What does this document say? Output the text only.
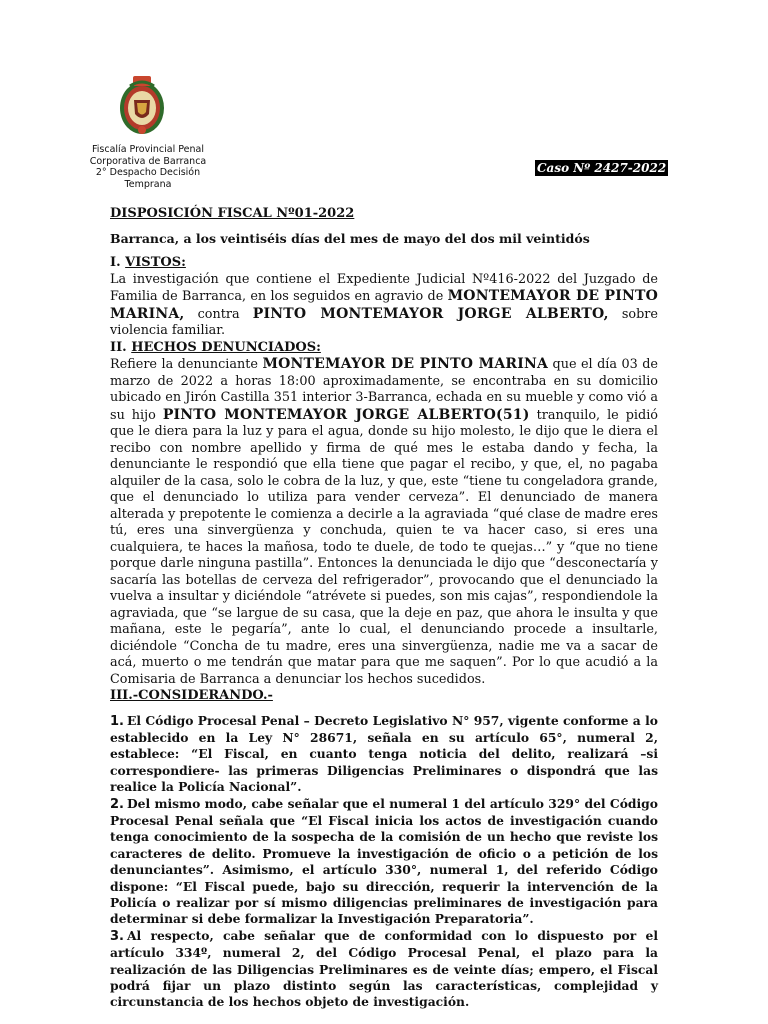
Fiscalía Provincial Penal
Corporativa de Barranca
2° Despacho Decisión
Temprana
Caso Nº 2427-2022

DISPOSICIÓN FISCAL Nº01-2022

Barranca, a los veintiséis días del mes de mayo del dos mil veintidós

I. VISTOS:

La investigación que contiene el Expediente Judicial Nº416-2022 del Juzgado de Familia de Barranca, en los seguidos en agravio de MONTEMAYOR DE PINTO MARINA, contra PINTO MONTEMAYOR JORGE ALBERTO, sobre violencia familiar.

II. HECHOS DENUNCIADOS:

Refiere la denunciante MONTEMAYOR DE PINTO MARINA que el día 03 de marzo de 2022 a horas 18:00 aproximadamente, se encontraba en su domicilio ubicado en Jirón Castilla 351 interior 3-Barranca, echada en su mueble y como vió a su hijo PINTO MONTEMAYOR JORGE ALBERTO(51) tranquilo, le pidió que le diera para la luz y para el agua, donde su hijo molesto, le dijo que le diera el recibo con nombre apellido y firma de qué mes le estaba dando y fecha, la denunciante le respondió que ella tiene que pagar el recibo, y que, el, no pagaba alquiler de la casa, solo le cobra de la luz, y que, este “tiene tu congeladora grande, que el denunciado lo utiliza para vender cerveza”. El denunciado de manera alterada y prepotente le comienza a decirle a la agraviada “qué clase de madre eres tú, eres una sinvergüenza y conchuda, quien te va hacer caso, si eres una cualquiera, te haces la mañosa, todo te duele, de todo te quejas…” y “que no tiene porque darle ninguna pastilla”. Entonces la denunciada le dijo que “desconectaría y sacaría las botellas de cerveza del refrigerador”, provocando que el denunciado la vuelva a insultar y diciéndole “atrévete si puedes, son mis cajas”, respondiendole la agraviada, que “se largue de su casa, que la deje en paz, que ahora le insulta y que mañana, este le pegaría”, ante lo cual, el denunciando procede a insultarle, diciéndole “Concha de tu madre, eres una sinvergüenza, nadie me va a sacar de acá, muerto o me tendrán que matar para que me saquen”. Por lo que acudió a la Comisaria de Barranca a denunciar los hechos sucedidos.

III.-CONSIDERANDO.-

1. El Código Procesal Penal – Decreto Legislativo N° 957, vigente conforme a lo establecido en la Ley N° 28671, señala en su artículo 65°, numeral 2, establece: “El Fiscal, en cuanto tenga noticia del delito, realizará –si correspondiere- las primeras Diligencias Preliminares o dispondrá que las realice la Policía Nacional”.

2. Del mismo modo, cabe señalar que el numeral 1 del artículo 329° del Código Procesal Penal señala que “El Fiscal inicia los actos de investigación cuando tenga conocimiento de la sospecha de la comisión de un hecho que reviste los caracteres de delito. Promueve la investigación de oficio o a petición de los denunciantes”. Asimismo, el artículo 330°, numeral 1, del referido Código dispone: “El Fiscal puede, bajo su dirección, requerir la intervención de la Policía o realizar por sí mismo diligencias preliminares de investigación para determinar si debe formalizar la Investigación Preparatoria”.

3. Al respecto, cabe señalar que de conformidad con lo dispuesto por el artículo 334º, numeral 2, del Código Procesal Penal, el plazo para la realización de las Diligencias Preliminares es de veinte días; empero, el Fiscal podrá fijar un plazo distinto según las características, complejidad y circunstancia de los hechos objeto de investigación.
